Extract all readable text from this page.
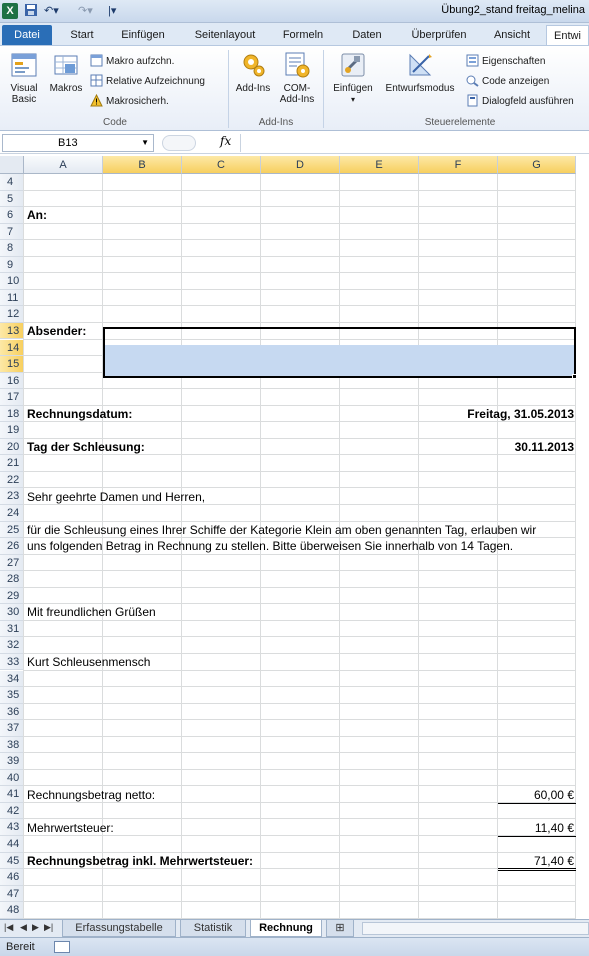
X	↶▾ ↷▾ |▾	Übung2_stand freitag_melina
Datei	Start	Einfügen	Seitenlayout	Formeln	Daten	Überprüfen	Ansicht	Entwi
Visual Basic
Makros
Makro aufzchn.
Relative Aufzeichnung
Makrosicherh.
Code
Add-Ins	COM-Add-Ins
Add-Ins
Einfügen
▾
Entwurfsmodus
Eigenschaften
Code anzeigen
Dialogfeld ausführen
Steuerelemente
B13	▼	fx
A	B	C	D	E	F	G
4
5
6
7
8
9
10
11
12
13
14
15
16
17
18
19
20
21
22
23
24
25
26
27
28
29
30
31
32
33
34
35
36
37
38
39
40
41
42
43
44
45
46
47
48
An:
Absender:
Rechnungsdatum:	Freitag, 31.05.2013
Tag der Schleusung:	30.11.2013
Sehr geehrte Damen und Herren,
für die Schleusung eines Ihrer Schiffe der Kategorie Klein am oben genannten Tag, erlauben wir
uns folgenden Betrag in Rechnung zu stellen. Bitte überweisen Sie innerhalb von 14 Tagen.
Mit freundlichen Grüßen
Kurt Schleusenmensch
Rechnungsbetrag netto:	60,00 €
Mehrwertsteuer:	11,40 €
Rechnungsbetrag inkl. Mehrwertsteuer:	71,40 €
|◀ ◀ ▶ ▶|	Erfassungstabelle	Statistik	Rechnung	⊞
Bereit
